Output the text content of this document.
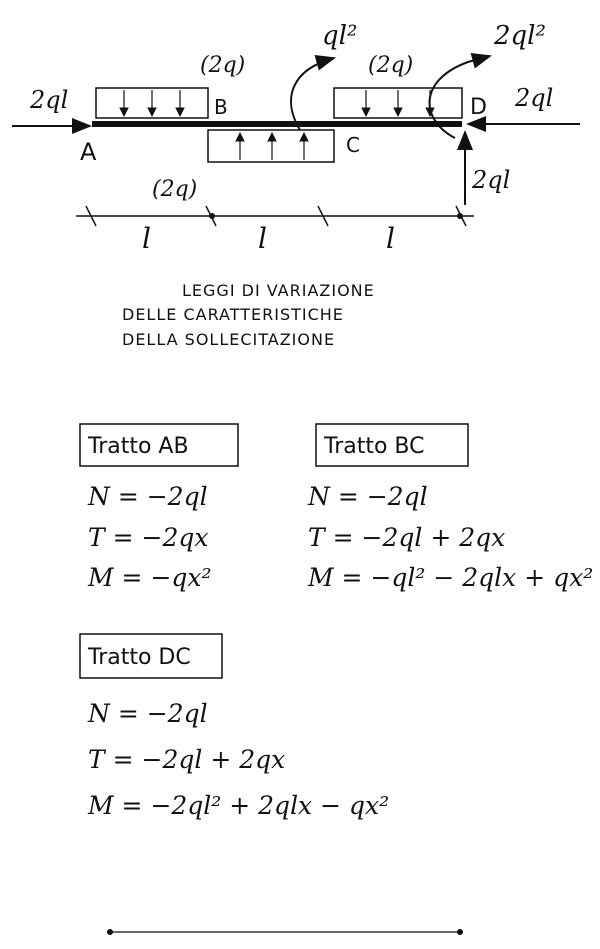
2ql	2ql
2ql
A
B
C
D
(2q)	(2q)
(2q)
ql²	2ql²
l	l	l
LEGGI DI VARIAZIONE
DELLE CARATTERISTICHE
DELLA SOLLECITAZIONE
Tratto AB
N = −2ql
T = −2qx
M = −qx²
Tratto BC
N = −2ql
T = −2ql + 2qx
M = −ql² − 2qlx + qx²
Tratto DC
N = −2ql
T = −2ql + 2qx
M = −2ql² + 2qlx − qx²
